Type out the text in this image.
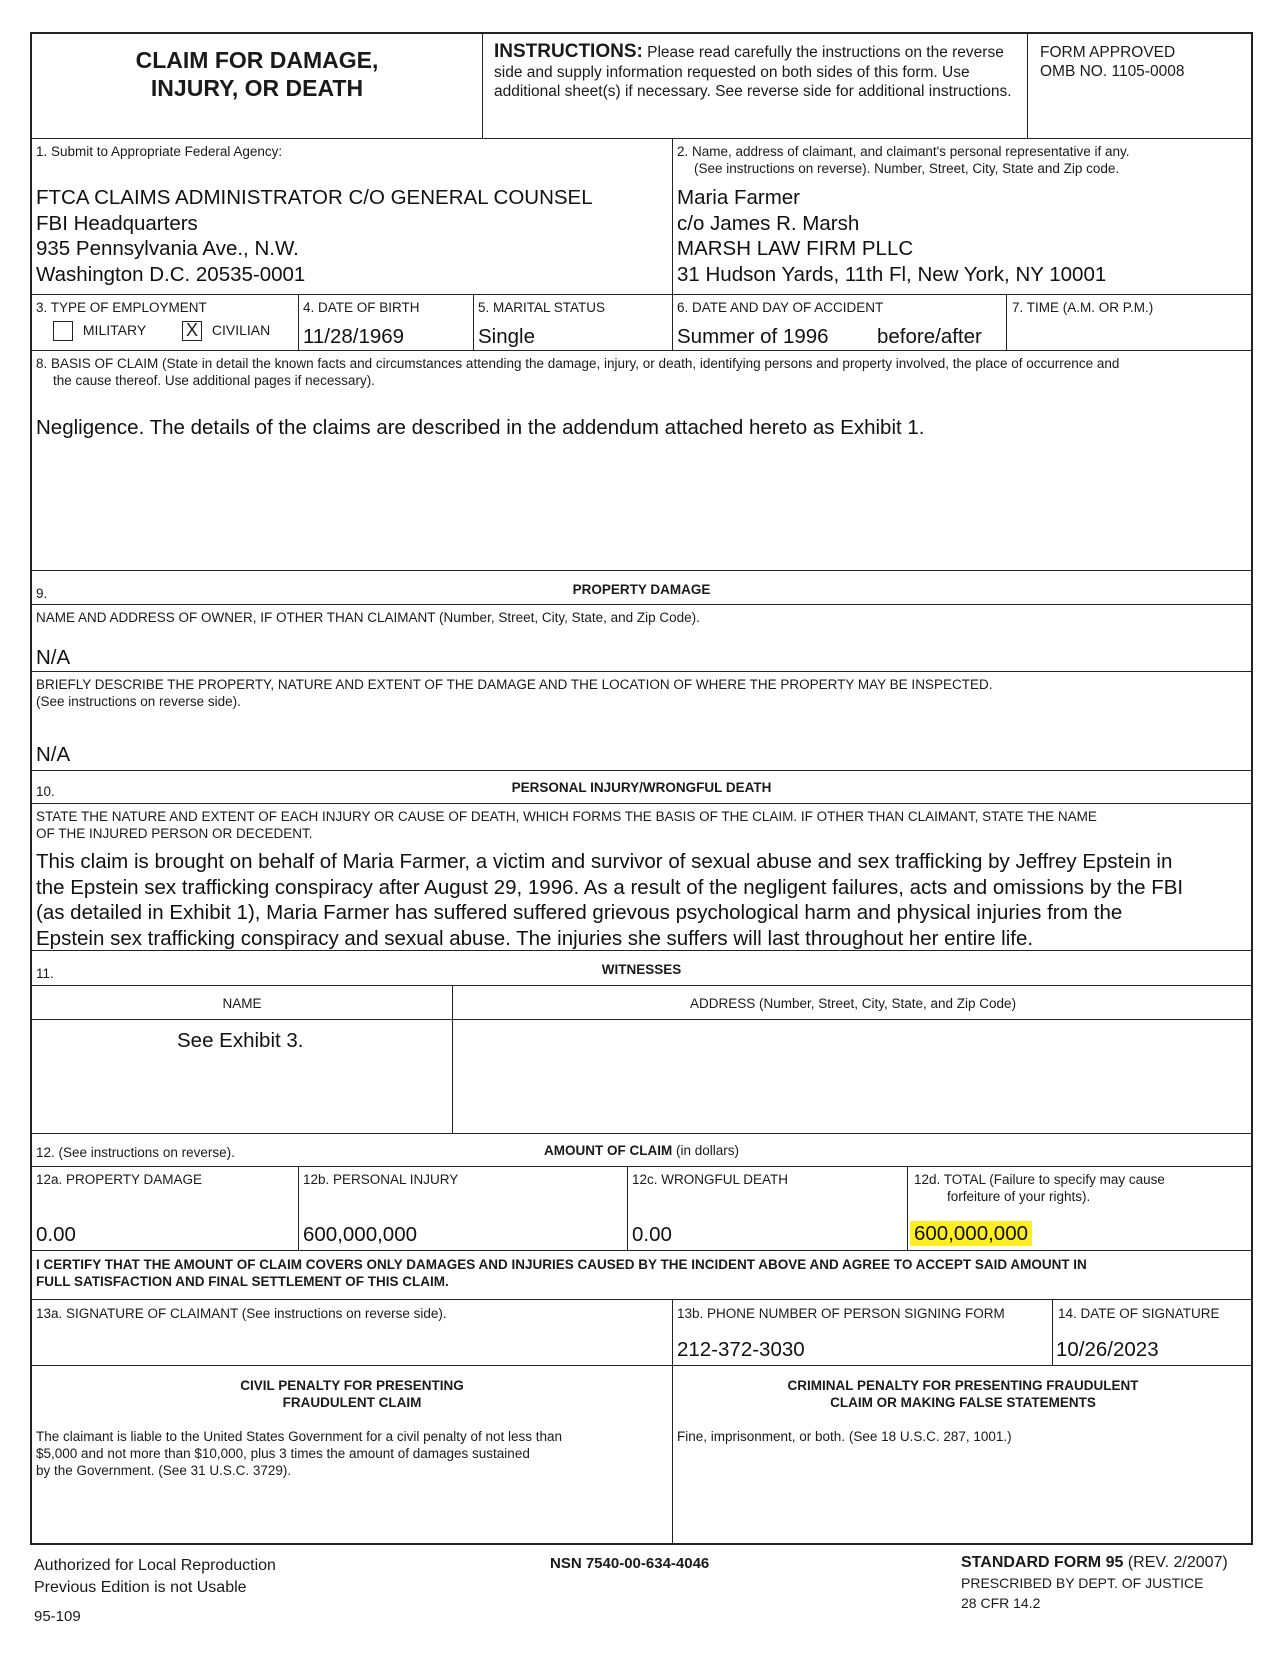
CLAIM FOR DAMAGE,
INJURY, OR DEATH
INSTRUCTIONS: Please read carefully the instructions on the reverse side and supply information requested on both sides of this form. Use additional sheet(s) if necessary. See reverse side for additional instructions.
FORM APPROVED
OMB NO. 1105-0008
1. Submit to Appropriate Federal Agency:
FTCA CLAIMS ADMINISTRATOR C/O GENERAL COUNSEL
FBI Headquarters
935 Pennsylvania Ave., N.W.
Washington D.C. 20535-0001
2. Name, address of claimant, and claimant's personal representative if any.
(See instructions on reverse). Number, Street, City, State and Zip code.
Maria Farmer
c/o James R. Marsh
MARSH LAW FIRM PLLC
31 Hudson Yards, 11th Fl, New York, NY 10001
3. TYPE OF EMPLOYMENT
MILITARY X CIVILIAN
4. DATE OF BIRTH
11/28/1969
5. MARITAL STATUS
Single
6. DATE AND DAY OF ACCIDENT
Summer of 1996 before/after
7. TIME (A.M. OR P.M.)
8. BASIS OF CLAIM (State in detail the known facts and circumstances attending the damage, injury, or death, identifying persons and property involved, the place of occurrence and
the cause thereof. Use additional pages if necessary).
Negligence. The details of the claims are described in the addendum attached hereto as Exhibit 1.
9.	PROPERTY DAMAGE
NAME AND ADDRESS OF OWNER, IF OTHER THAN CLAIMANT (Number, Street, City, State, and Zip Code).
N/A
BRIEFLY DESCRIBE THE PROPERTY, NATURE AND EXTENT OF THE DAMAGE AND THE LOCATION OF WHERE THE PROPERTY MAY BE INSPECTED.
(See instructions on reverse side).
N/A
10.	PERSONAL INJURY/WRONGFUL DEATH
STATE THE NATURE AND EXTENT OF EACH INJURY OR CAUSE OF DEATH, WHICH FORMS THE BASIS OF THE CLAIM. IF OTHER THAN CLAIMANT, STATE THE NAME
OF THE INJURED PERSON OR DECEDENT.
This claim is brought on behalf of Maria Farmer, a victim and survivor of sexual abuse and sex trafficking by Jeffrey Epstein in
the Epstein sex trafficking conspiracy after August 29, 1996. As a result of the negligent failures, acts and omissions by the FBI
(as detailed in Exhibit 1), Maria Farmer has suffered suffered grievous psychological harm and physical injuries from the
Epstein sex trafficking conspiracy and sexual abuse. The injuries she suffers will last throughout her entire life.
11.	WITNESSES
NAME	ADDRESS (Number, Street, City, State, and Zip Code)
See Exhibit 3.
12. (See instructions on reverse).	AMOUNT OF CLAIM (in dollars)
12a. PROPERTY DAMAGE
0.00
12b. PERSONAL INJURY
600,000,000
12c. WRONGFUL DEATH
0.00
12d. TOTAL (Failure to specify may cause
forfeiture of your rights).
600,000,000
I CERTIFY THAT THE AMOUNT OF CLAIM COVERS ONLY DAMAGES AND INJURIES CAUSED BY THE INCIDENT ABOVE AND AGREE TO ACCEPT SAID AMOUNT IN
FULL SATISFACTION AND FINAL SETTLEMENT OF THIS CLAIM.
13a. SIGNATURE OF CLAIMANT (See instructions on reverse side).	13b. PHONE NUMBER OF PERSON SIGNING FORM
212-372-3030
14. DATE OF SIGNATURE
10/26/2023
CIVIL PENALTY FOR PRESENTING
FRAUDULENT CLAIM
The claimant is liable to the United States Government for a civil penalty of not less than
$5,000 and not more than $10,000, plus 3 times the amount of damages sustained
by the Government. (See 31 U.S.C. 3729).
CRIMINAL PENALTY FOR PRESENTING FRAUDULENT
CLAIM OR MAKING FALSE STATEMENTS
Fine, imprisonment, or both. (See 18 U.S.C. 287, 1001.)
Authorized for Local Reproduction
Previous Edition is not Usable
95-109
NSN 7540-00-634-4046	STANDARD FORM 95 (REV. 2/2007)
PRESCRIBED BY DEPT. OF JUSTICE
28 CFR 14.2
